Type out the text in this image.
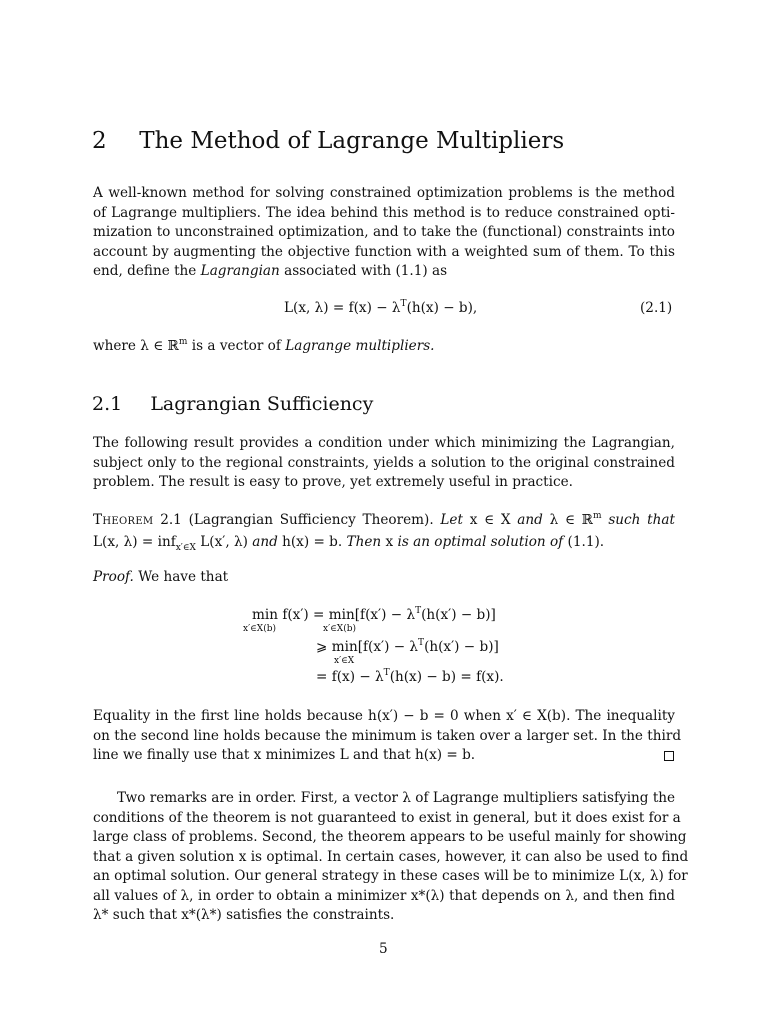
2 The Method of Lagrange Multipliers
A well-known method for solving constrained optimization problems is the method
of Lagrange multipliers. The idea behind this method is to reduce constrained opti-
mization to unconstrained optimization, and to take the (functional) constraints into
account by augmenting the objective function with a weighted sum of them. To this
end, define the Lagrangian associated with (1.1) as
L(x, $\lambda) = f(x) - \lambda^T(h(x) - b)$,	(2.1)
where λ ∈ ℝ$^m$ is a vector of Lagrange multipliers.
2.1 Lagrangian Sufficiency
The following result provides a condition under which minimizing the Lagrangian,
subject only to the regional constraints, yields a solution to the original constrained
problem. The result is easy to prove, yet extremely useful in practice.
Theorem 2.1 (Lagrangian Sufficiency Theorem). Let x ∈ X and λ ∈ ℝ$^m$ such that
L(x, λ) = inf$_{x'\in X}$ L(x′, λ) and h(x) = b. Then x is an optimal solution of (1.1).
Proof. We have that
$\min f(x') = \min[f(x') - \lambda^T(h(x') - b)]$
x′∈X(b)	x′∈X(b)
⩾ $\min[f(x') - \lambda^T(h(x') - b)]$
x′∈X
= $f(x) - \lambda^T(h(x) - b) = f(x)$.
Equality in the first line holds because h(x′) − b = 0 when x′ ∈ X(b). The inequality
on the second line holds because the minimum is taken over a larger set. In the third
line we finally use that x minimizes L and that h(x) = b.
Two remarks are in order. First, a vector λ of Lagrange multipliers satisfying the
conditions of the theorem is not guaranteed to exist in general, but it does exist for a
large class of problems. Second, the theorem appears to be useful mainly for showing
that a given solution x is optimal. In certain cases, however, it can also be used to find
an optimal solution. Our general strategy in these cases will be to minimize L(x, λ) for
all values of λ, in order to obtain a minimizer x*(λ) that depends on λ, and then find
λ* such that x*(λ*) satisfies the constraints.
5
